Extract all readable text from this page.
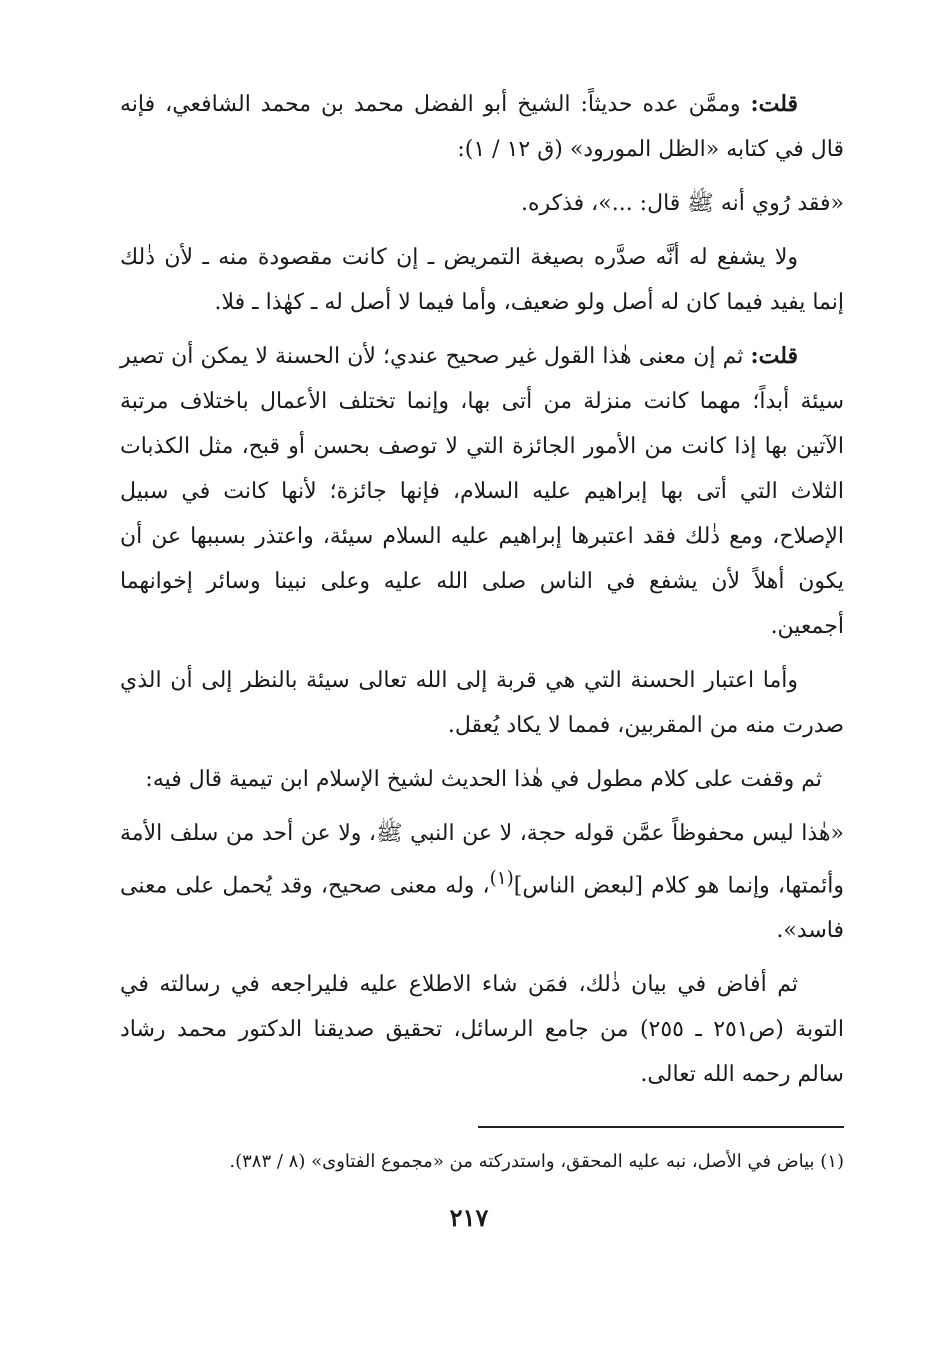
قلت: وممَّن عده حديثاً: الشيخ أبو الفضل محمد بن محمد الشافعي، فإنه قال في كتابه «الظل المورود» (ق ١٢ / ١):

«فقد رُوي أنه ﷺ قال: ...»، فذكره.

ولا يشفع له أنَّه صدَّره بصيغة التمريض ـ إن كانت مقصودة منه ـ لأن ذٰلك إنما يفيد فيما كان له أصل ولو ضعيف، وأما فيما لا أصل له ـ كهٰذا ـ فلا.

قلت: ثم إن معنى هٰذا القول غير صحيح عندي؛ لأن الحسنة لا يمكن أن تصير سيئة أبداً؛ مهما كانت منزلة من أتى بها، وإنما تختلف الأعمال باختلاف مرتبة الآتين بها إذا كانت من الأمور الجائزة التي لا توصف بحسن أو قبح، مثل الكذبات الثلاث التي أتى بها إبراهيم عليه السلام، فإنها جائزة؛ لأنها كانت في سبيل الإصلاح، ومع ذٰلك فقد اعتبرها إبراهيم عليه السلام سيئة، واعتذر بسببها عن أن يكون أهلاً لأن يشفع في الناس صلى الله عليه وعلى نبينا وسائر إخوانهما أجمعين.

وأما اعتبار الحسنة التي هي قربة إلى الله تعالى سيئة بالنظر إلى أن الذي صدرت منه من المقربين، فمما لا يكاد يُعقل.

ثم وقفت على كلام مطول في هٰذا الحديث لشيخ الإسلام ابن تيمية قال فيه:

«هٰذا ليس محفوظاً عمَّن قوله حجة، لا عن النبي ﷺ، ولا عن أحد من سلف الأمة وأئمتها، وإنما هو كلام [لبعض الناس]$^{(١)}$، وله معنى صحيح، وقد يُحمل على معنى فاسد».

ثم أفاض في بيان ذٰلك، فمَن شاء الاطلاع عليه فليراجعه في رسالته في التوبة (ص٢٥١ ـ ٢٥٥) من جامع الرسائل، تحقيق صديقنا الدكتور محمد رشاد سالم رحمه الله تعالى.

(١) بياض في الأصل، نبه عليه المحقق، واستدركته من «مجموع الفتاوى» (٨ / ٣٨٣).
٢١٧
